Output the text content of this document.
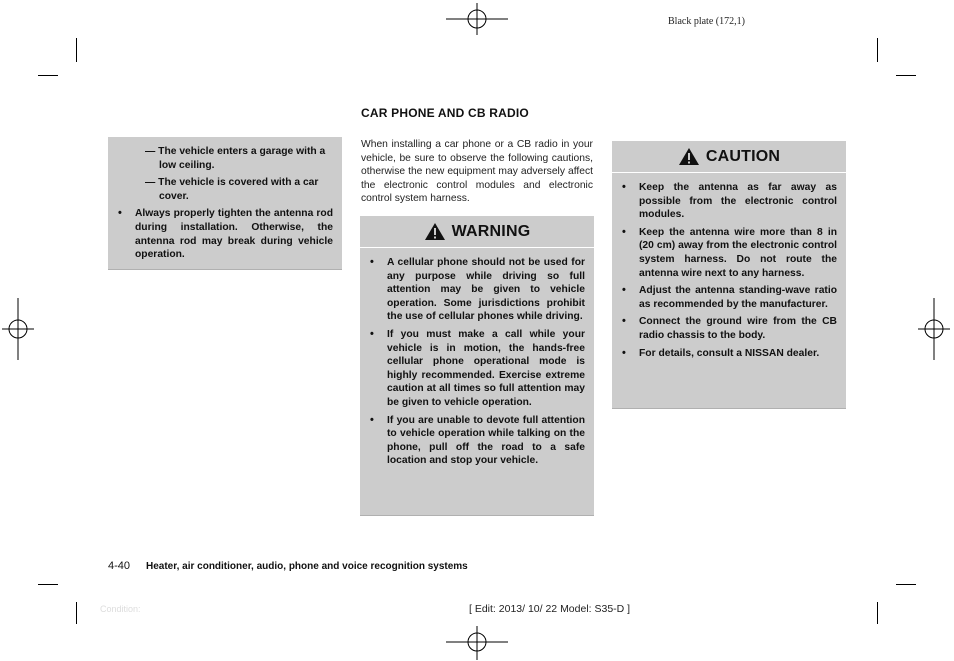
Black plate (172,1)
CAR PHONE AND CB RADIO
— The vehicle enters a garage with a low ceiling.
— The vehicle is covered with a car cover.
• Always properly tighten the antenna rod during installation. Otherwise, the antenna rod may break during vehicle operation.
When installing a car phone or a CB radio in your vehicle, be sure to observe the following cautions, otherwise the new equipment may adversely affect the electronic control modules and electronic control system harness.
WARNING
• A cellular phone should not be used for any purpose while driving so full attention may be given to vehicle operation. Some jurisdictions prohibit the use of cellular phones while driving.
• If you must make a call while your vehicle is in motion, the hands-free cellular phone operational mode is highly recommended. Exercise extreme caution at all times so full attention may be given to vehicle operation.
• If you are unable to devote full attention to vehicle operation while talking on the phone, pull off the road to a safe location and stop your vehicle.
CAUTION
• Keep the antenna as far away as possible from the electronic control modules.
• Keep the antenna wire more than 8 in (20 cm) away from the electronic control system harness. Do not route the antenna wire next to any harness.
• Adjust the antenna standing-wave ratio as recommended by the manufacturer.
• Connect the ground wire from the CB radio chassis to the body.
• For details, consult a NISSAN dealer.
4-40 Heater, air conditioner, audio, phone and voice recognition systems
Condition:	[ Edit: 2013/ 10/ 22 Model: S35-D ]
